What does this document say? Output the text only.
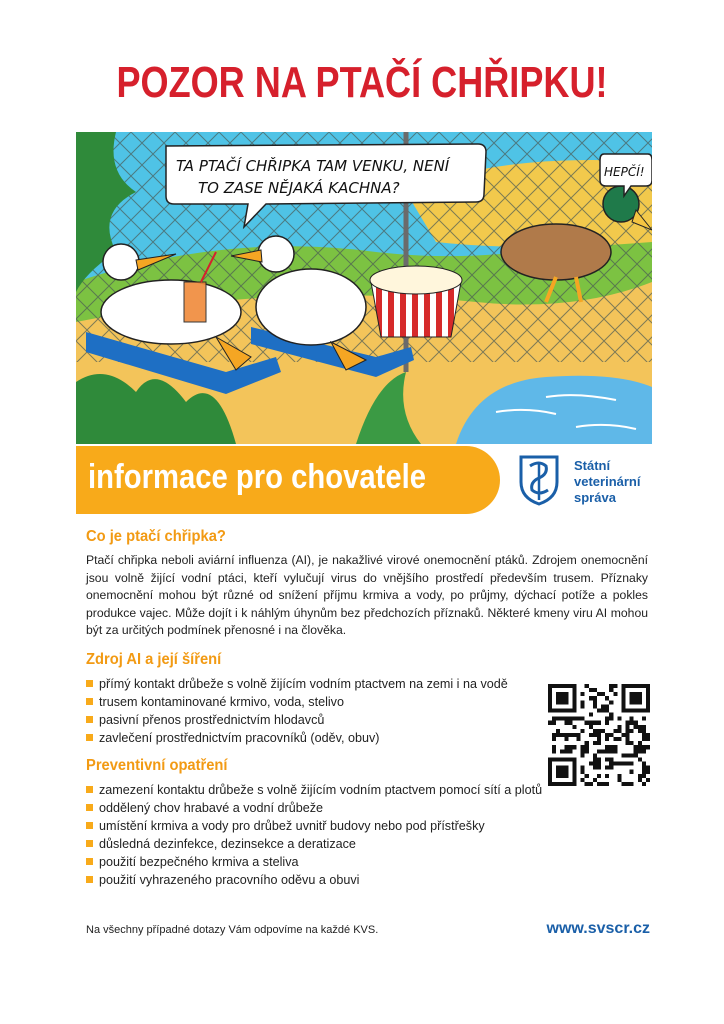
POZOR NA PTAČÍ CHŘIPKU!
TA PTAČÍ CHŘIPKA TAM VENKU, NENÍ
TO ZASE NĚJAKÁ KACHNA?
HEPČÍ!
informace pro chovatele	Státní
veterinární
správa
Co je ptačí chřipka?

Ptačí chřipka neboli aviární influenza (AI), je nakažlivé virové onemocnění ptáků. Zdrojem onemocnění jsou volně žijící vodní ptáci, kteří vylučují virus do vnějšího prostředí především trusem. Příznaky onemocnění mohou být různé od snížení příjmu krmiva a vody, po průjmy, dýchací potíže a pokles produkce vajec. Může dojít i k náhlým úhynům bez předchozích příznaků. Některé kmeny viru AI mohou být za určitých podmínek přenosné i na člověka.

Zdroj AI a její šíření
přímý kontakt drůbeže s volně žijícím vodním ptactvem na zemi i na vodě
trusem kontaminované krmivo, voda, stelivo
pasivní přenos prostřednictvím hlodavců
zavlečení prostřednictvím pracovníků (oděv, obuv)
Preventivní opatření
zamezení kontaktu drůbeže s volně žijícím vodním ptactvem pomocí sítí a plotů
oddělený chov hrabavé a vodní drůbeže
umístění krmiva a vody pro drůbež uvnitř budovy nebo pod přístřešky
důsledná dezinfekce, dezinsekce a deratizace
použití bezpečného krmiva a steliva
použití vyhrazeného pracovního oděvu a obuvi
Na všechny případné dotazy Vám odpovíme na každé KVS.	www.svscr.cz
